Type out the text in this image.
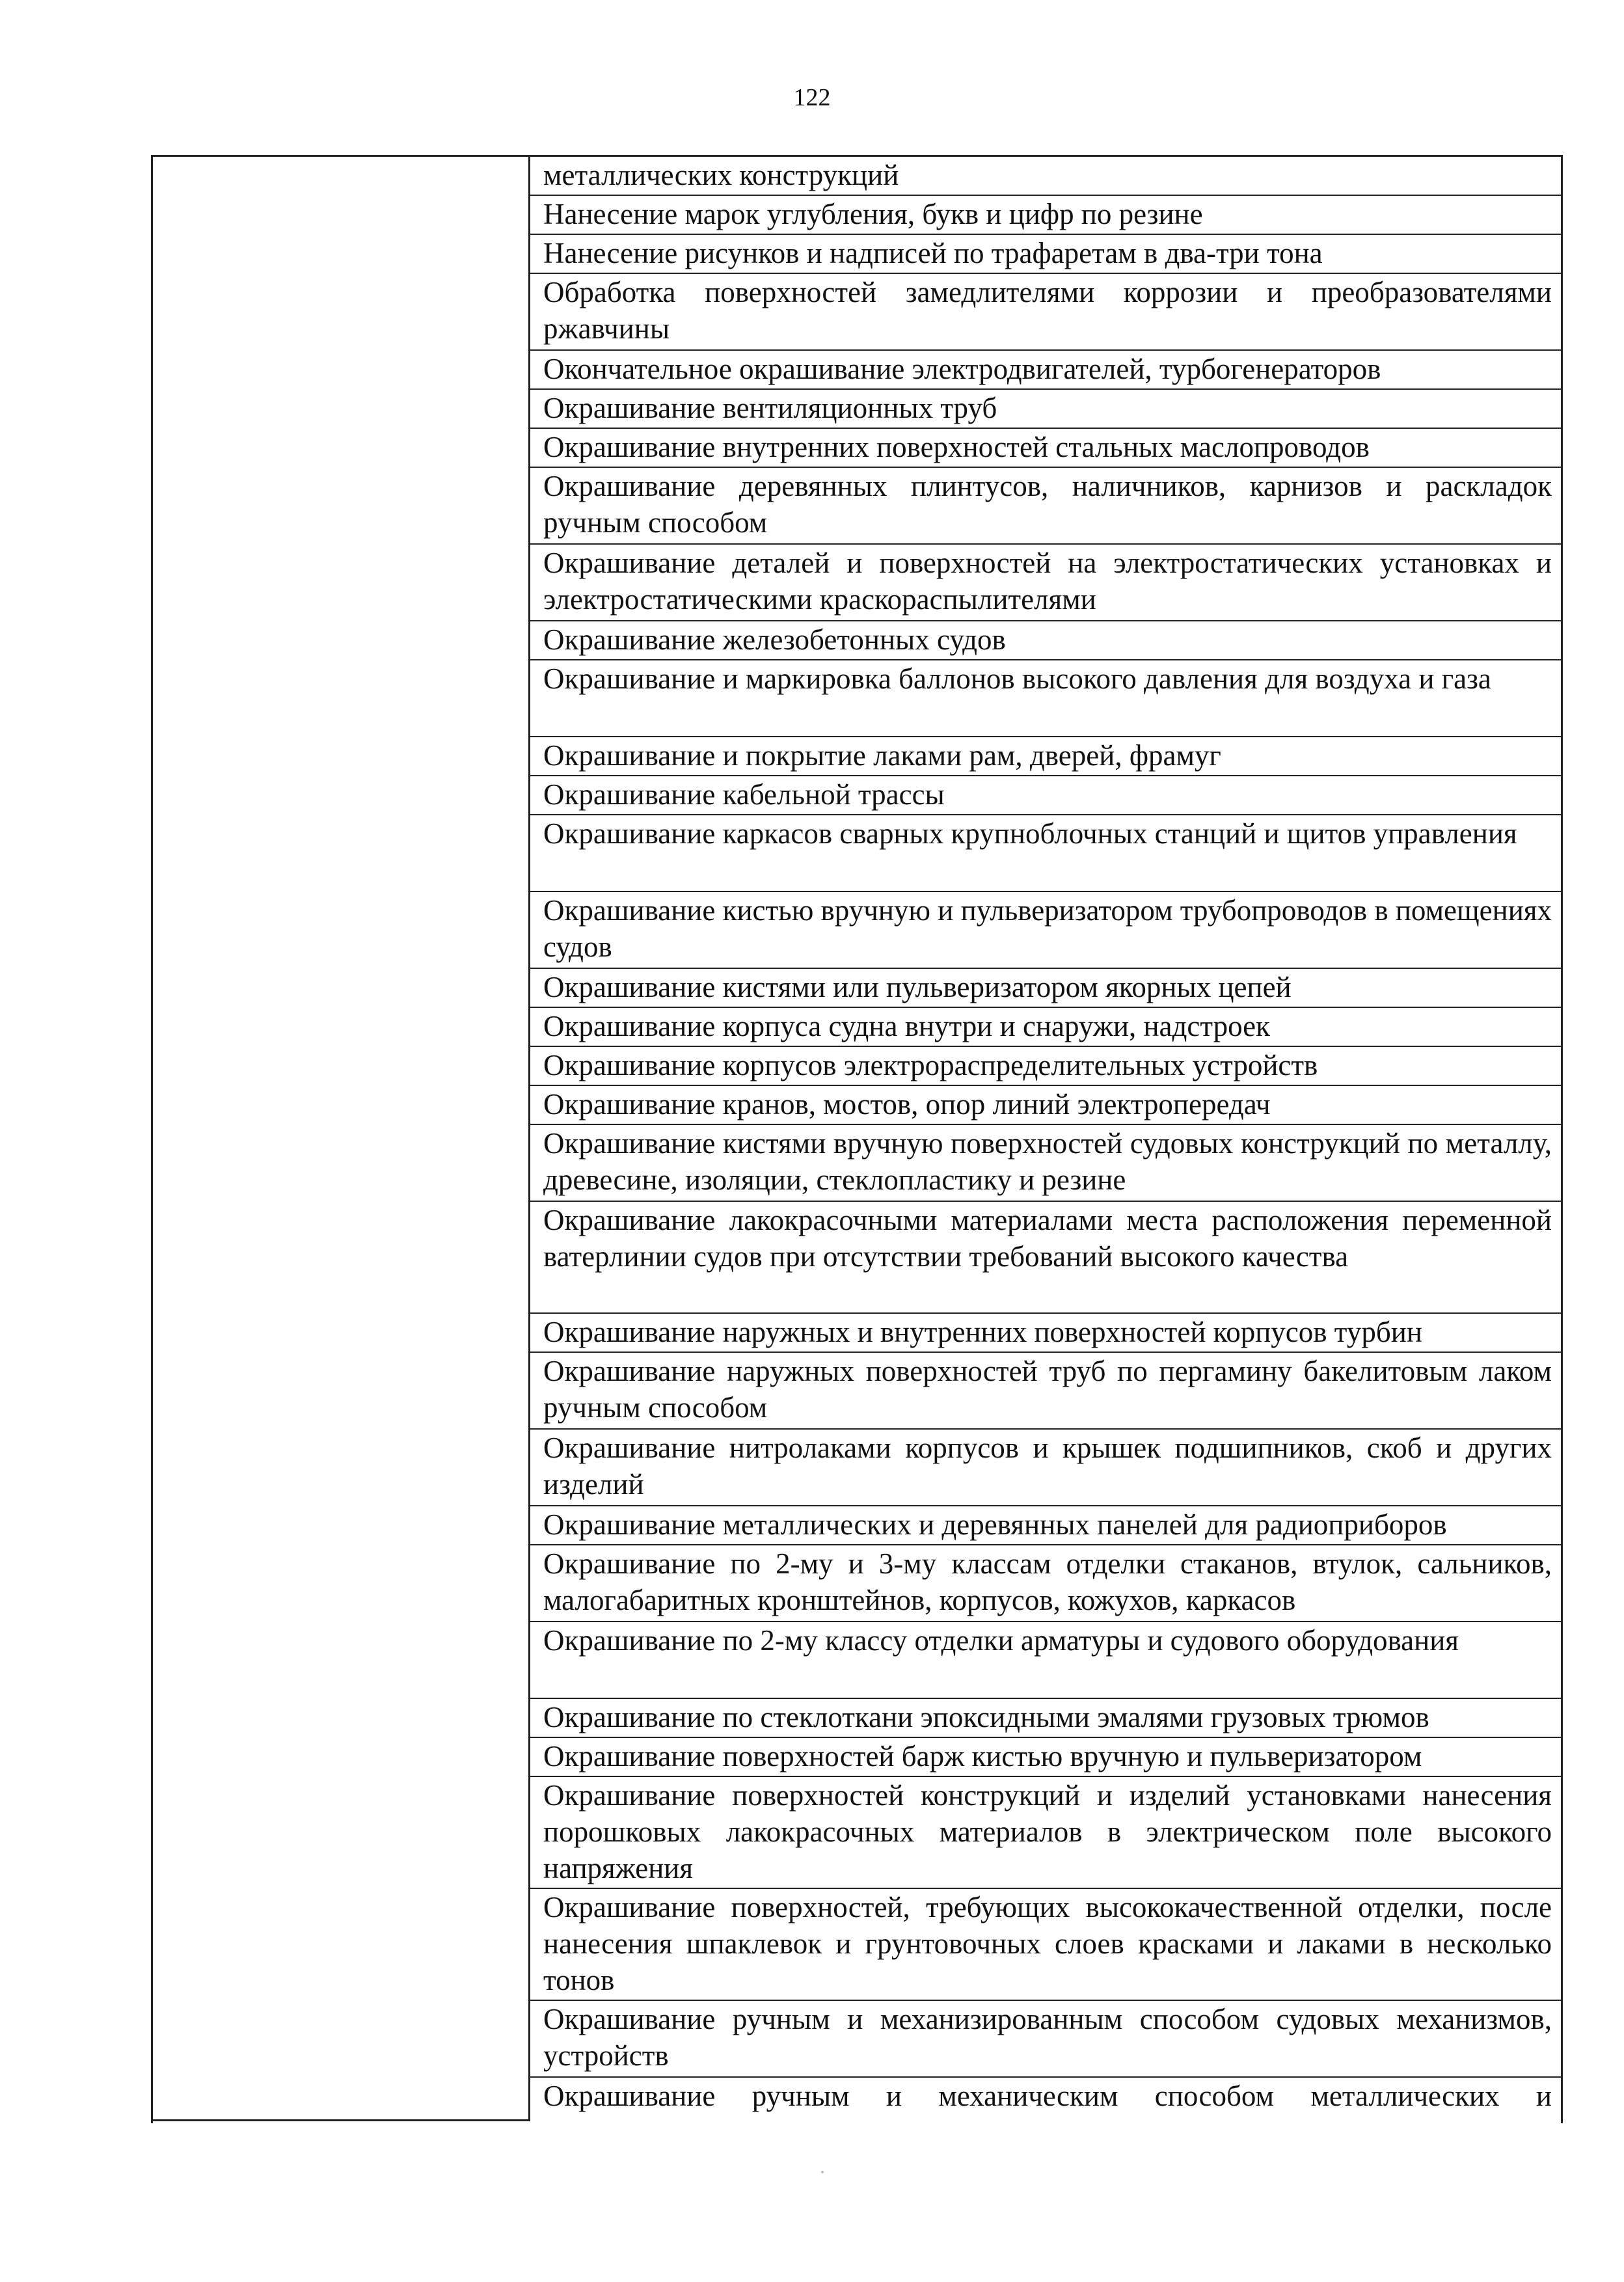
122
металлических конструкций
Нанесение марок углубления, букв и цифр по резине
Нанесение рисунков и надписей по трафаретам в два-три тона
Обработка поверхностей замедлителями коррозии и преобразователями ржавчины
Окончательное окрашивание электродвигателей, турбогенераторов
Окрашивание вентиляционных труб
Окрашивание внутренних поверхностей стальных маслопроводов
Окрашивание деревянных плинтусов, наличников, карнизов и раскладок ручным способом
Окрашивание деталей и поверхностей на электростатических установках и электростатическими краскораспылителями
Окрашивание железобетонных судов
Окрашивание и маркировка баллонов высокого давления для воздуха и газа
Окрашивание и покрытие лаками рам, дверей, фрамуг
Окрашивание кабельной трассы
Окрашивание каркасов сварных крупноблочных станций и щитов управления
Окрашивание кистью вручную и пульверизатором трубопроводов в помещениях судов
Окрашивание кистями или пульверизатором якорных цепей
Окрашивание корпуса судна внутри и снаружи, надстроек
Окрашивание корпусов электрораспределительных устройств
Окрашивание кранов, мостов, опор линий электропередач
Окрашивание кистями вручную поверхностей судовых конструкций по металлу, древесине, изоляции, стеклопластику и резине
Окрашивание лакокрасочными материалами места расположения переменной ватерлинии судов при отсутствии требований высокого качества
Окрашивание наружных и внутренних поверхностей корпусов турбин
Окрашивание наружных поверхностей труб по пергамину бакелитовым лаком ручным способом
Окрашивание нитролаками корпусов и крышек подшипников, скоб и других изделий
Окрашивание металлических и деревянных панелей для радиоприборов
Окрашивание по 2-му и 3-му классам отделки стаканов, втулок, сальников, малогабаритных кронштейнов, корпусов, кожухов, каркасов
Окрашивание по 2-му классу отделки арматуры и судового оборудования
Окрашивание по стеклоткани эпоксидными эмалями грузовых трюмов
Окрашивание поверхностей барж кистью вручную и пульверизатором
Окрашивание поверхностей конструкций и изделий установками нанесения порошковых лакокрасочных материалов в электрическом поле высокого напряжения
Окрашивание поверхностей, требующих высококачественной отделки, после нанесения шпаклевок и грунтовочных слоев красками и лаками в несколько тонов
Окрашивание ручным и механизированным способом судовых механизмов, устройств
Окрашивание ручным и механическим способом металлических и
